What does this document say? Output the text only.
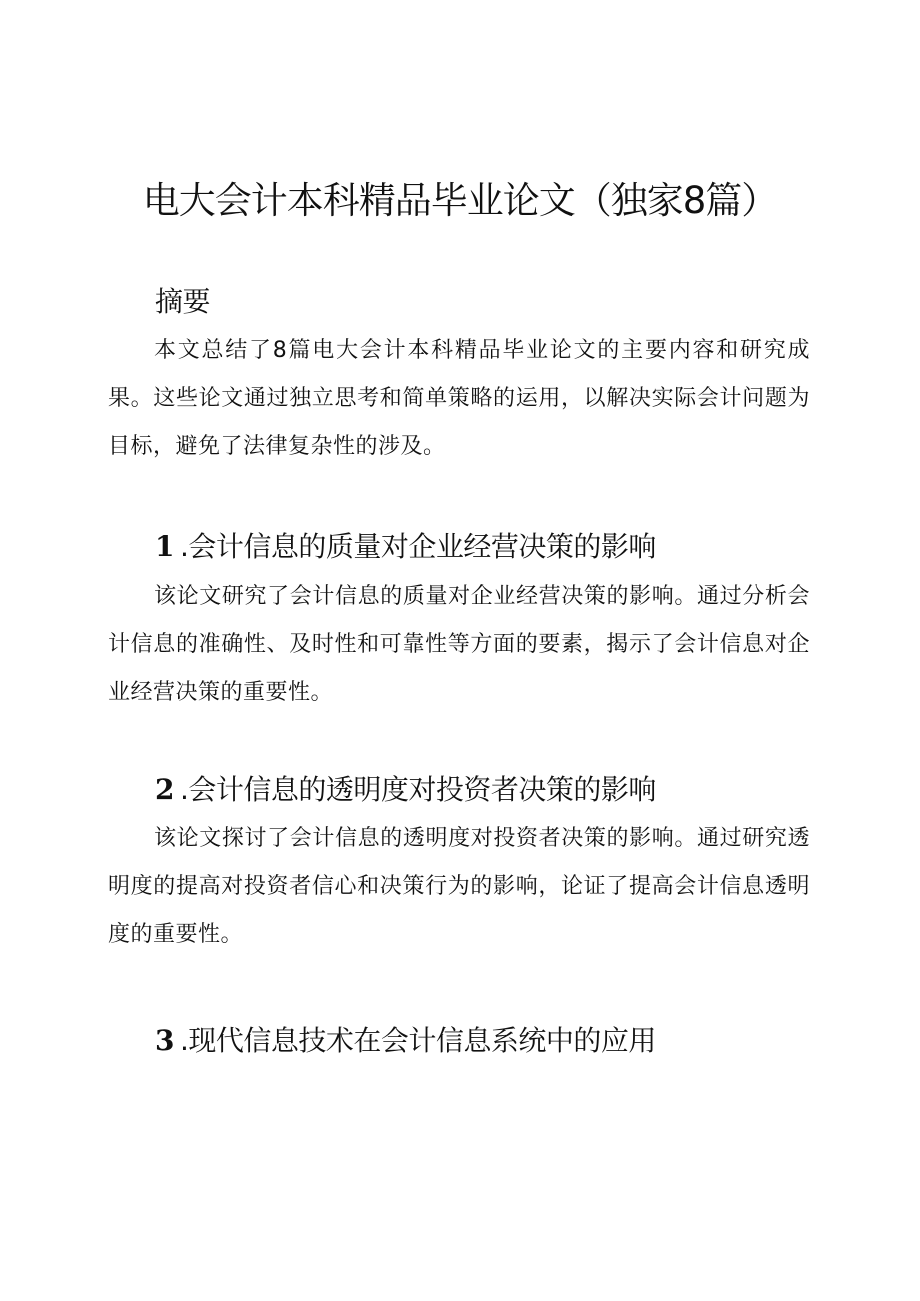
电大会计本科精品毕业论文（独家8篇）
摘要

本文总结了8篇电大会计本科精品毕业论文的主要内容和研究成果。这些论文通过独立思考和简单策略的运用，以解决实际会计问题为目标，避免了法律复杂性的涉及。

1 .会计信息的质量对企业经营决策的影响

该论文研究了会计信息的质量对企业经营决策的影响。通过分析会计信息的准确性、及时性和可靠性等方面的要素，揭示了会计信息对企业经营决策的重要性。

2 .会计信息的透明度对投资者决策的影响

该论文探讨了会计信息的透明度对投资者决策的影响。通过研究透明度的提高对投资者信心和决策行为的影响，论证了提高会计信息透明度的重要性。

3 .现代信息技术在会计信息系统中的应用
